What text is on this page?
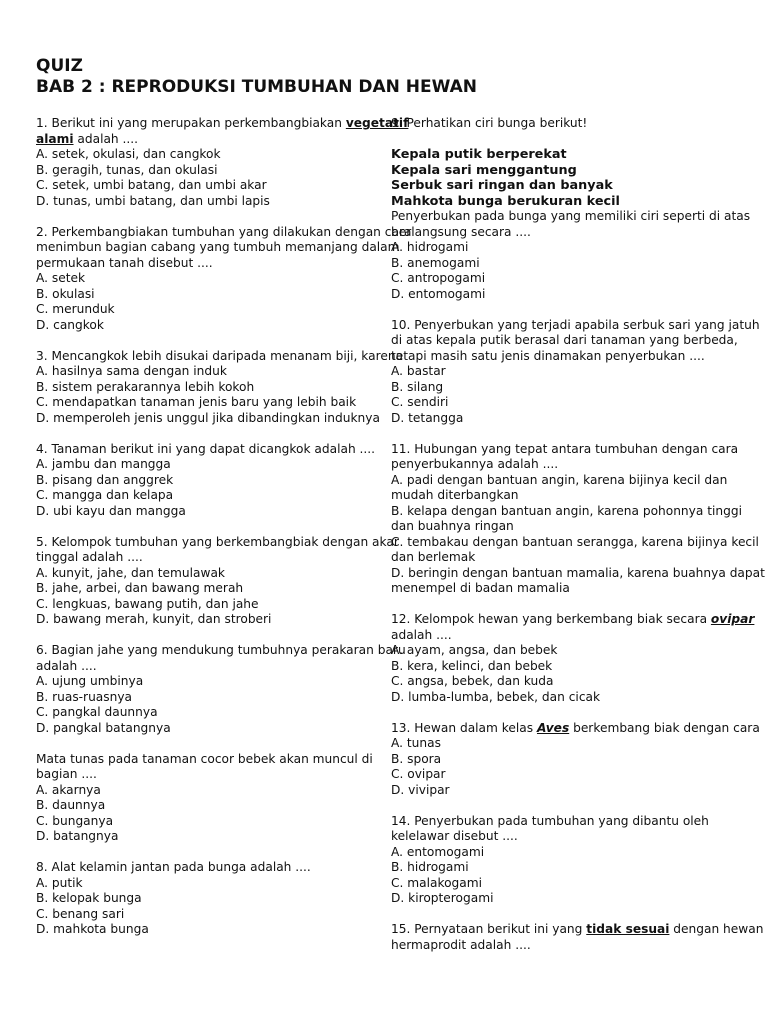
QUIZ
BAB 2 : REPRODUKSI TUMBUHAN DAN HEWAN
1. Berikut ini yang merupakan perkembangbiakan vegetatif
alami adalah ....
A. setek, okulasi, dan cangkok
B. geragih, tunas, dan okulasi
C. setek, umbi batang, dan umbi akar
D. tunas, umbi batang, dan umbi lapis
2. Perkembangbiakan tumbuhan yang dilakukan dengan cara
menimbun bagian cabang yang tumbuh memanjang dalam
permukaan tanah disebut ....
A. setek
B. okulasi
C. merunduk
D. cangkok
3. Mencangkok lebih disukai daripada menanam biji, karena
A. hasilnya sama dengan induk
B. sistem perakarannya lebih kokoh
C. mendapatkan tanaman jenis baru yang lebih baik
D. memperoleh jenis unggul jika dibandingkan induknya
4. Tanaman berikut ini yang dapat dicangkok adalah ....
A. jambu dan mangga
B. pisang dan anggrek
C. mangga dan kelapa
D. ubi kayu dan mangga
5. Kelompok tumbuhan yang berkembangbiak dengan akar
tinggal adalah ....
A. kunyit, jahe, dan temulawak
B. jahe, arbei, dan bawang merah
C. lengkuas, bawang putih, dan jahe
D. bawang merah, kunyit, dan stroberi
6. Bagian jahe yang mendukung tumbuhnya perakaran baru
adalah ....
A. ujung umbinya
B. ruas-ruasnya
C. pangkal daunnya
D. pangkal batangnya
Mata tunas pada tanaman cocor bebek akan muncul di
bagian ....
A. akarnya
B. daunnya
C. bunganya
D. batangnya
8. Alat kelamin jantan pada bunga adalah ....
A. putik
B. kelopak bunga
C. benang sari
D. mahkota bunga
9. Perhatikan ciri bunga berikut!
Kepala putik berperekat
Kepala sari menggantung
Serbuk sari ringan dan banyak
Mahkota bunga berukuran kecil
Penyerbukan pada bunga yang memiliki ciri seperti di atas
berlangsung secara ....
A. hidrogami
B. anemogami
C. antropogami
D. entomogami
10. Penyerbukan yang terjadi apabila serbuk sari yang jatuh
di atas kepala putik berasal dari tanaman yang berbeda,
tetapi masih satu jenis dinamakan penyerbukan ....
A. bastar
B. silang
C. sendiri
D. tetangga
11. Hubungan yang tepat antara tumbuhan dengan cara
penyerbukannya adalah ....
A. padi dengan bantuan angin, karena bijinya kecil dan
mudah diterbangkan
B. kelapa dengan bantuan angin, karena pohonnya tinggi
dan buahnya ringan
C. tembakau dengan bantuan serangga, karena bijinya kecil
dan berlemak
D. beringin dengan bantuan mamalia, karena buahnya dapat
menempel di badan mamalia
12. Kelompok hewan yang berkembang biak secara ovipar
adalah ....
A. ayam, angsa, dan bebek
B. kera, kelinci, dan bebek
C. angsa, bebek, dan kuda
D. lumba-lumba, bebek, dan cicak
13. Hewan dalam kelas Aves berkembang biak dengan cara
A. tunas
B. spora
C. ovipar
D. vivipar
14. Penyerbukan pada tumbuhan yang dibantu oleh
kelelawar disebut ....
A. entomogami
B. hidrogami
C. malakogami
D. kiropterogami
15. Pernyataan berikut ini yang tidak sesuai dengan hewan
hermaprodit adalah ....
